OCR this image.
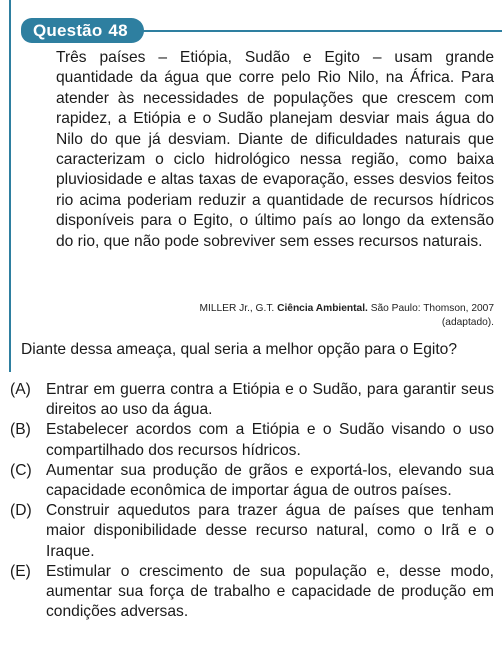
Questão 48

Três países – Etiópia, Sudão e Egito – usam grande quantidade da água que corre pelo Rio Nilo, na África. Para atender às necessidades de populações que crescem com rapidez, a Etiópia e o Sudão planejam desviar mais água do Nilo do que já desviam. Diante de dificuldades naturais que caracterizam o ciclo hidrológico nessa região, como baixa pluviosidade e altas taxas de evaporação, esses desvios feitos rio acima poderiam reduzir a quantidade de recursos hídricos disponíveis para o Egito, o último país ao longo da extensão do rio, que não pode sobreviver sem esses recursos naturais.

MILLER Jr., G.T. Ciência Ambiental. São Paulo: Thomson, 2007
(adaptado).
Diante dessa ameaça, qual seria a melhor opção para o Egito?
(A) Entrar em guerra contra a Etiópia e o Sudão, para garantir seus direitos ao uso da água.
(B) Estabelecer acordos com a Etiópia e o Sudão visando o uso compartilhado dos recursos hídricos.
(C) Aumentar sua produção de grãos e exportá-los, elevando sua capacidade econômica de importar água de outros países.
(D) Construir aquedutos para trazer água de países que tenham maior disponibilidade desse recurso natural, como o Irã e o Iraque.
(E) Estimular o crescimento de sua população e, desse modo, aumentar sua força de trabalho e capacidade de produção em condições adversas.
